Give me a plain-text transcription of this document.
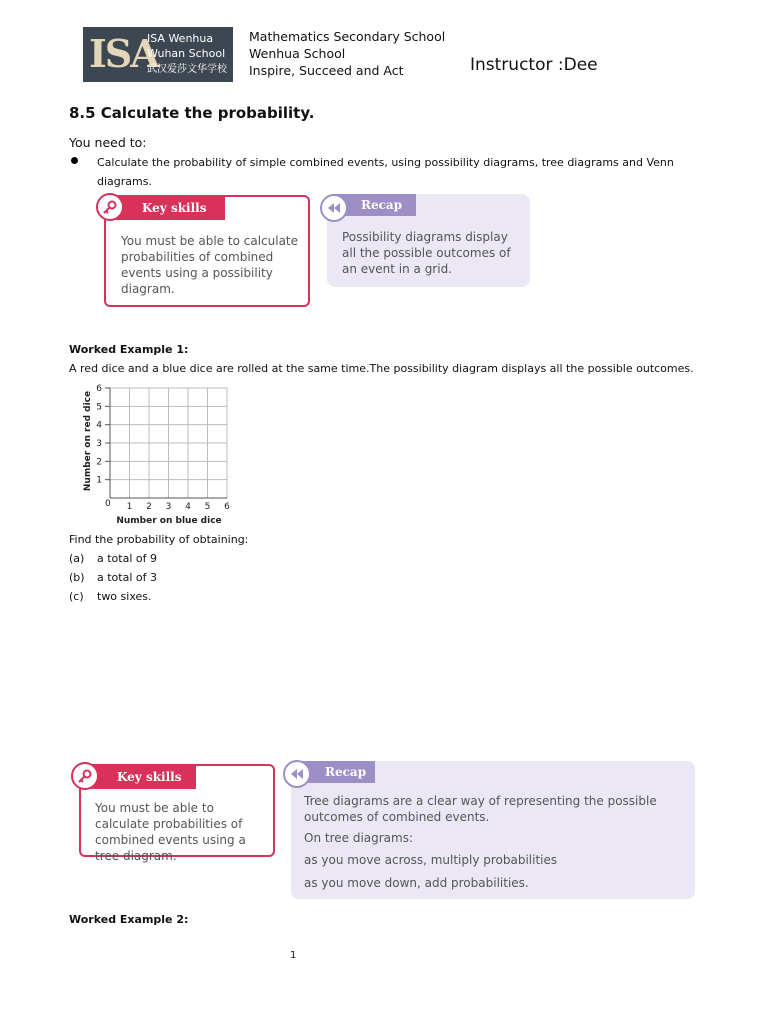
ISA
ISA Wenhua
Wuhan School
武汉爱莎文华学校
Mathematics Secondary School
Wenhua School
Inspire, Succeed and Act	Instructor :Dee
8.5 Calculate the probability.
You need to:
Calculate the probability of simple combined events, using possibility diagrams, tree diagrams and Venn diagrams.
Key skills
You must be able to calculate probabilities of combined events using a possibility diagram.
Recap
Possibility diagrams display all the possible outcomes of an event in a grid.
Worked Example 1:
A red dice and a blue dice are rolled at the same time.The possibility diagram displays all the possible outcomes.
1 2 3 4 5 6
1
2
3
4
5
6
0
Number on blue dice
Number on red dice
Find the probability of obtaining:
(a) a total of 9
(b) a total of 3
(c) two sixes.
Key skills
You must be able to calculate probabilities of combined events using a tree diagram.
Recap
Tree diagrams are a clear way of representing the possible outcomes of combined events.
On tree diagrams:
as you move across, multiply probabilities
as you move down, add probabilities.
Worked Example 2:
1
